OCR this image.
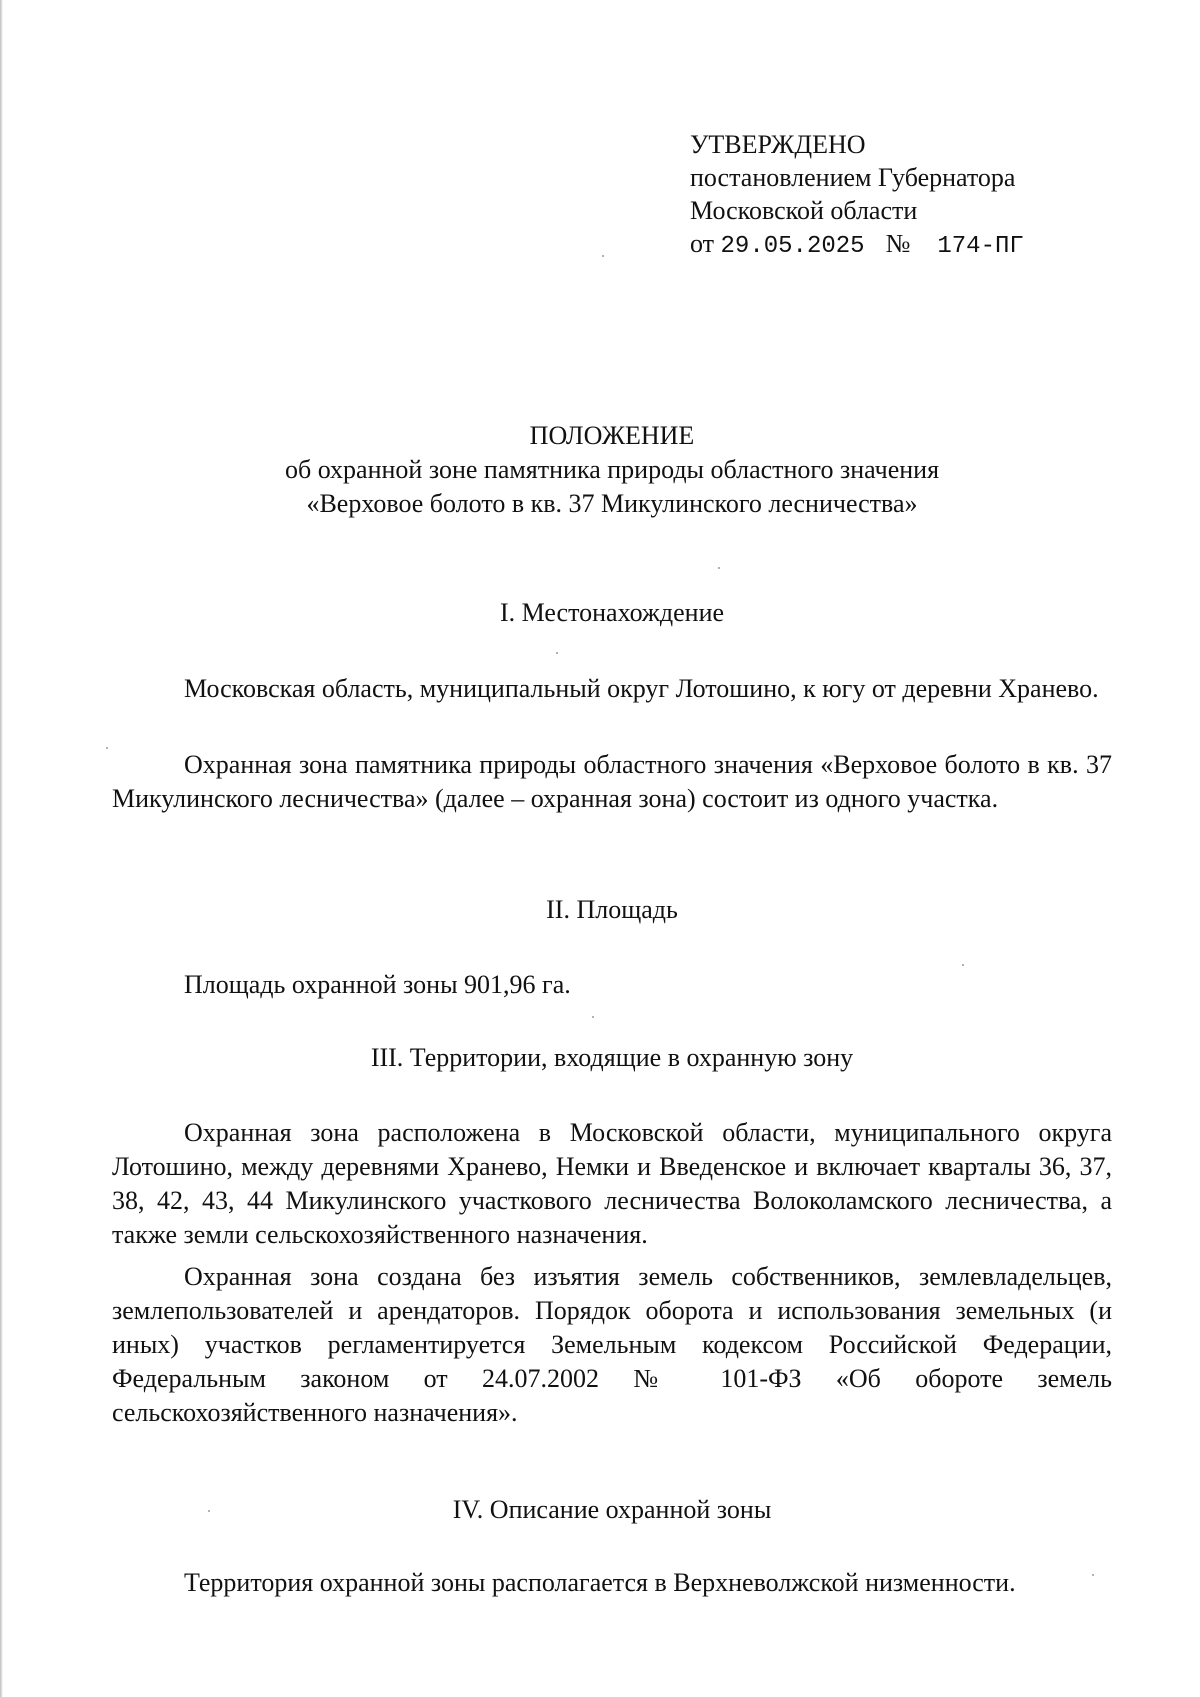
УТВЕРЖДЕНО
постановлением Губернатора
Московской области
от 29.05.2025 № 174-ПГ
ПОЛОЖЕНИЕ
об охранной зоне памятника природы областного значения
«Верховое болото в кв. 37 Микулинского лесничества»
I. Местонахождение
Московская область, муниципальный округ Лотошино, к югу от деревни Хранево.
Охранная зона памятника природы областного значения «Верховое болото в кв. 37 Микулинского лесничества» (далее – охранная зона) состоит из одного участка.
II. Площадь
Площадь охранной зоны 901,96 га.
III. Территории, входящие в охранную зону
Охранная зона расположена в Московской области, муниципального округа Лотошино, между деревнями Хранево, Немки и Введенское и включает кварталы 36, 37, 38, 42, 43, 44 Микулинского участкового лесничества Волоколамского лесничества, а также земли сельскохозяйственного назначения.
Охранная зона создана без изъятия земель собственников, землевладельцев, землепользователей и арендаторов. Порядок оборота и использования земельных (и иных) участков регламентируется Земельным кодексом Российской Федерации, Федеральным законом от 24.07.2002 № 101-ФЗ «Об обороте земель сельскохозяйственного назначения».
IV. Описание охранной зоны
Территория охранной зоны располагается в Верхневолжской низменности.
